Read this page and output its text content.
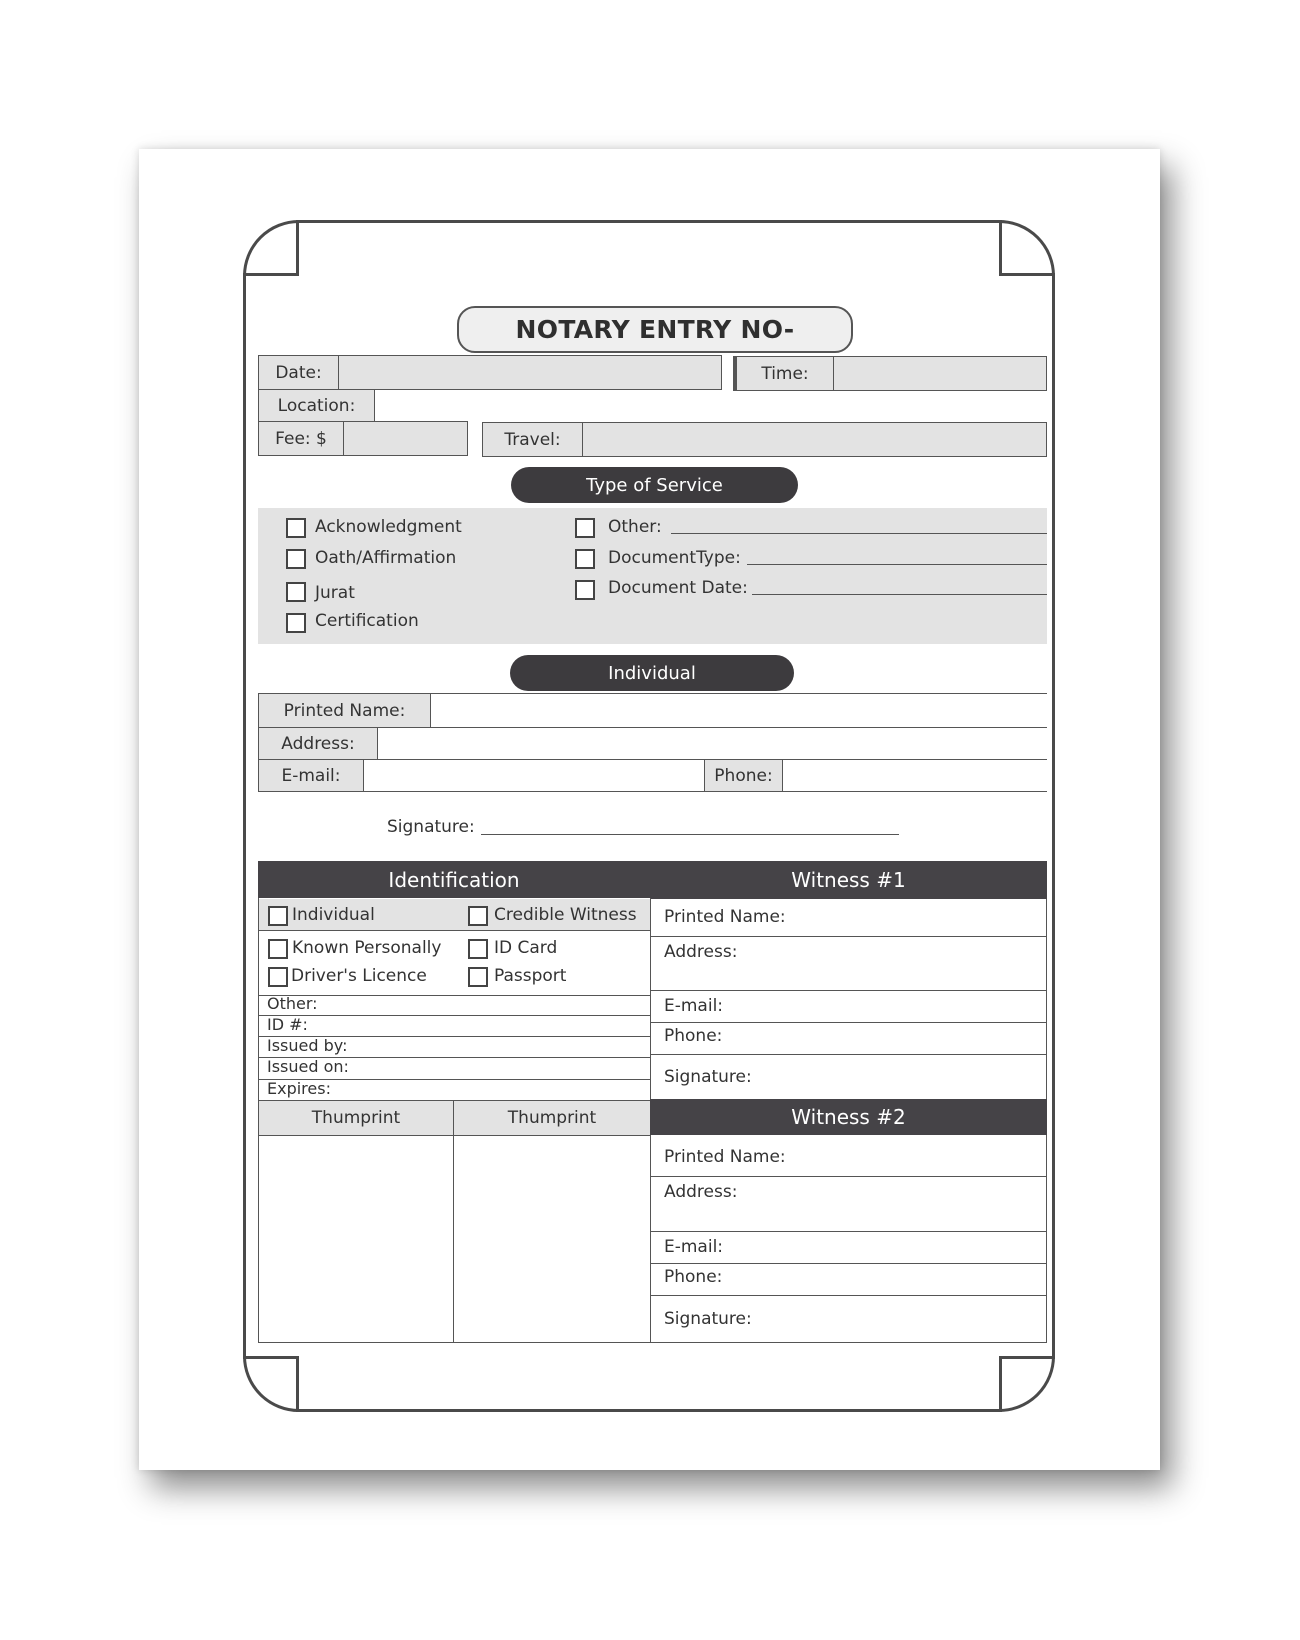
NOTARY ENTRY NO-
Date:	Time:
Location:
Fee: $	Travel:
Type of Service
Acknowledgment
Oath/Affirmation
Jurat
Certification
Other:
DocumentType:
Document Date:
Individual
Printed Name:
Address:
E-mail:	Phone:
Signature:
Identification	Witness #1
Individual	Credible Witness
Known Personally	ID Card
Driver's Licence	Passport
Other:
ID #:
Issued by:
Issued on:
Expires:
Thumprint	Thumprint
Printed Name:
Address:
E-mail:
Phone:
Signature:
Witness #2
Printed Name:
Address:
E-mail:
Phone:
Signature:
